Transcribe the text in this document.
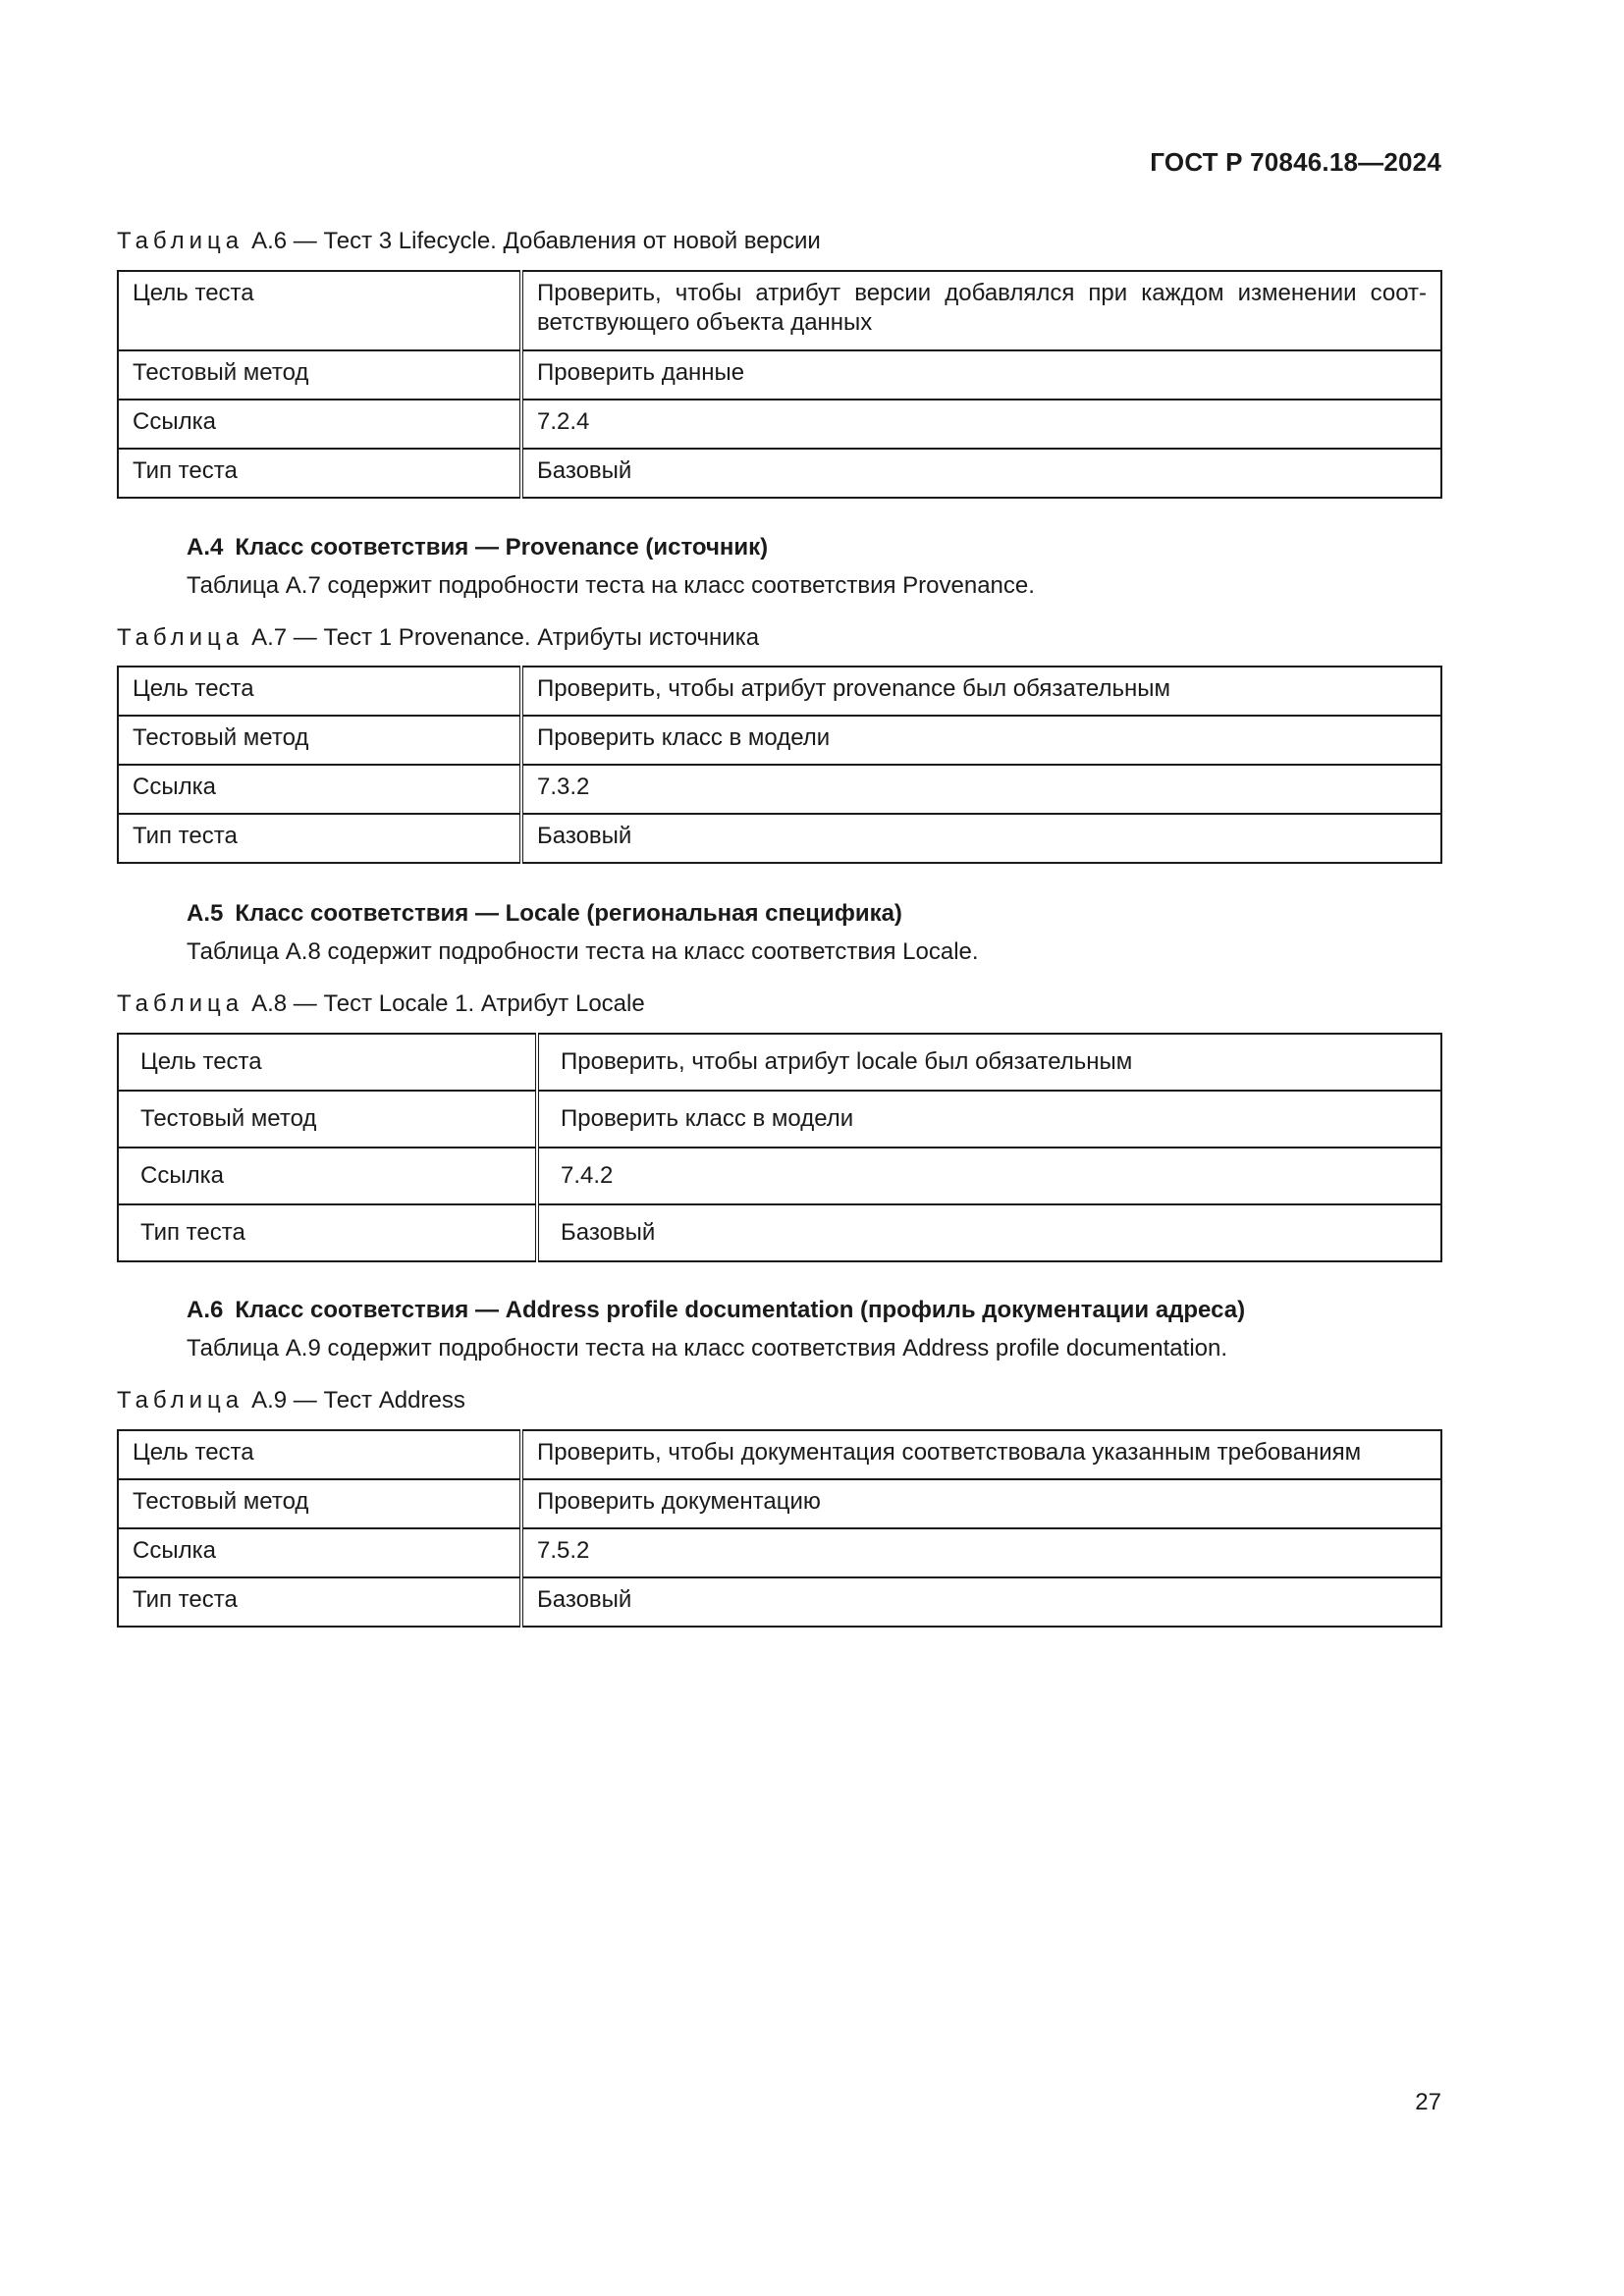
ГОСТ Р 70846.18—2024
Таблица А.6 — Тест 3 Lifecycle. Добавления от новой версии
Цель теста	Проверить, чтобы атрибут версии добавлялся при каждом изменении соот-ветствующего объекта данных
Тестовый метод	Проверить данные
Ссылка	7.2.4
Тип теста	Базовый
А.4 Класс соответствия — Provenance (источник)
Таблица А.7 содержит подробности теста на класс соответствия Provenance.
Таблица А.7 — Тест 1 Provenance. Атрибуты источника
Цель теста	Проверить, чтобы атрибут provenance был обязательным
Тестовый метод	Проверить класс в модели
Ссылка	7.3.2
Тип теста	Базовый
А.5 Класс соответствия — Locale (региональная специфика)
Таблица А.8 содержит подробности теста на класс соответствия Locale.
Таблица А.8 — Тест Locale 1. Атрибут Locale
Цель теста	Проверить, чтобы атрибут locale был обязательным
Тестовый метод	Проверить класс в модели
Ссылка	7.4.2
Тип теста	Базовый
А.6 Класс соответствия — Address profile documentation (профиль документации адреса)
Таблица А.9 содержит подробности теста на класс соответствия Address profile documentation.
Таблица А.9 — Тест Address
Цель теста	Проверить, чтобы документация соответствовала указанным требованиям
Тестовый метод	Проверить документацию
Ссылка	7.5.2
Тип теста	Базовый
27
